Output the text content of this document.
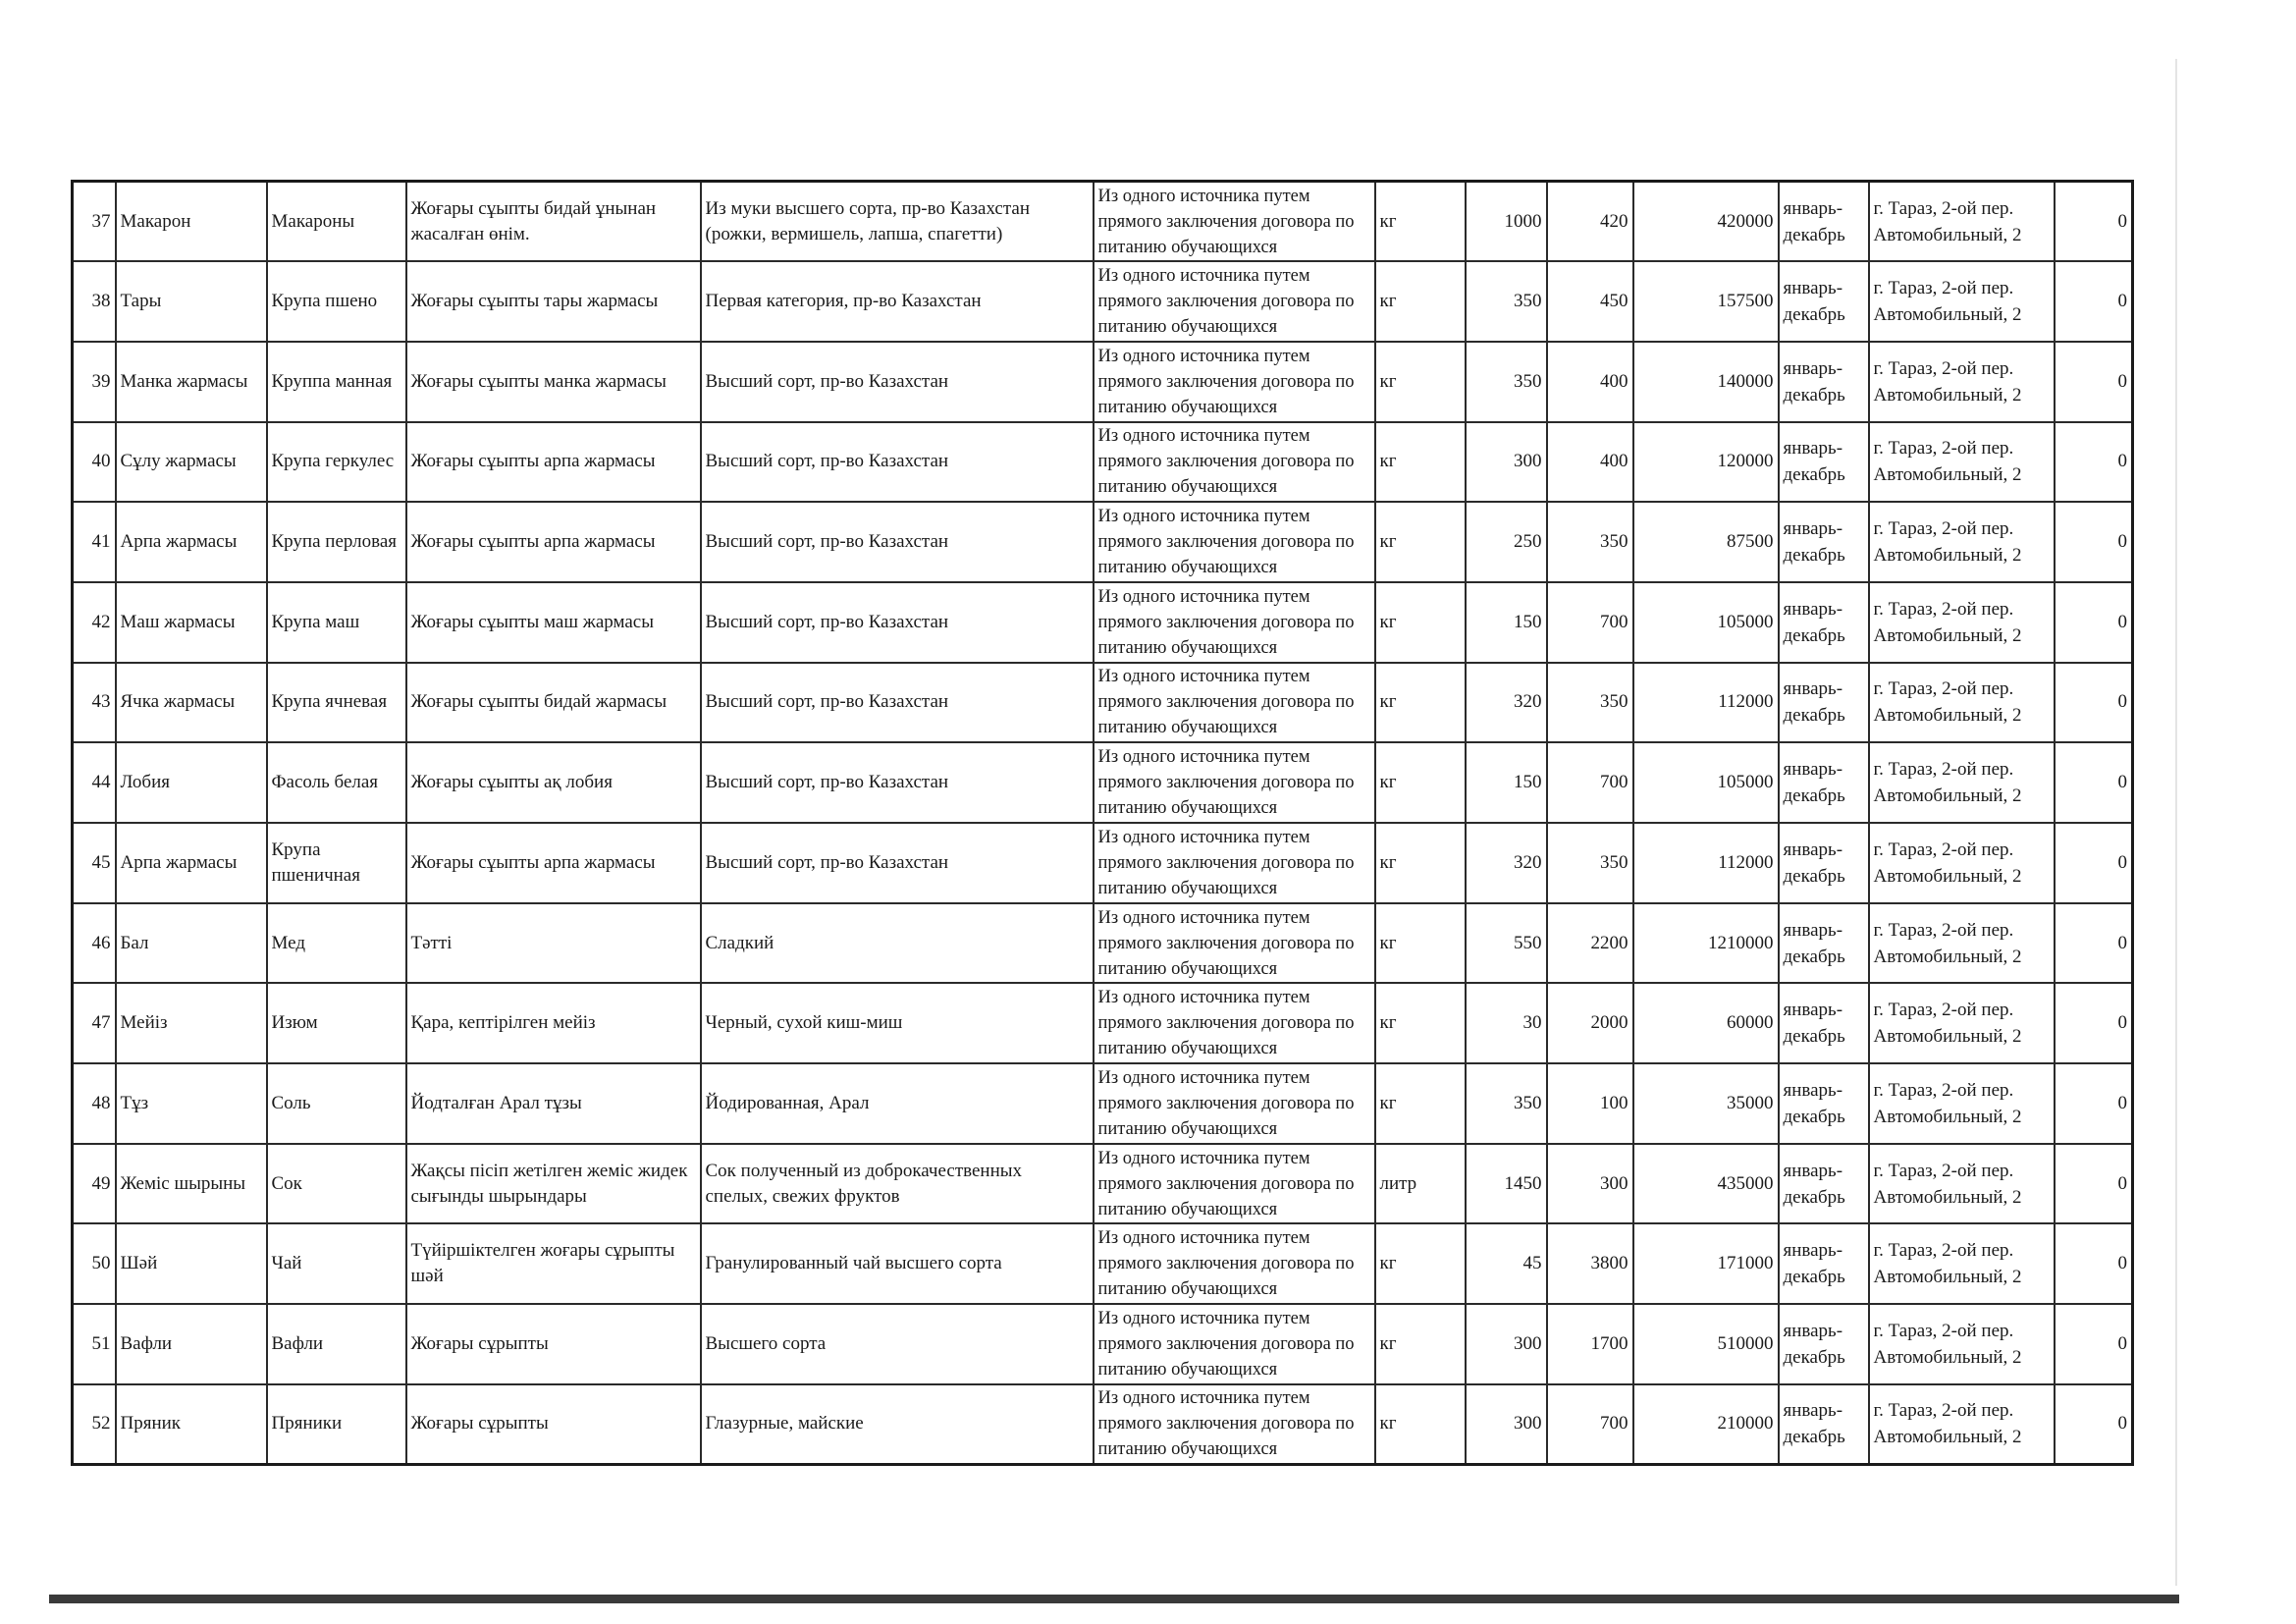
37	Макарон	Макароны	Жоғары сұыпты бидай ұнынан жасалған өнім.	Из муки высшего сорта, пр-во Казахстан (рожки, вермишель, лапша, спагетти)	Из одного источника путем прямого заключения договора по питанию обучающихся	кг	1000	420	420000	январь-декабрь	г. Тараз, 2-ой пер. Автомобильный, 2	0
38	Тары	Крупа пшено	Жоғары сұыпты тары жармасы	Первая категория, пр-во Казахстан	Из одного источника путем прямого заключения договора по питанию обучающихся	кг	350	450	157500	январь-декабрь	г. Тараз, 2-ой пер. Автомобильный, 2	0
39	Манка жармасы	Круппа манная	Жоғары сұыпты манка жармасы	Высший сорт, пр-во Казахстан	Из одного источника путем прямого заключения договора по питанию обучающихся	кг	350	400	140000	январь-декабрь	г. Тараз, 2-ой пер. Автомобильный, 2	0
40	Сұлу жармасы	Крупа геркулес	Жоғары сұыпты арпа жармасы	Высший сорт, пр-во Казахстан	Из одного источника путем прямого заключения договора по питанию обучающихся	кг	300	400	120000	январь-декабрь	г. Тараз, 2-ой пер. Автомобильный, 2	0
41	Арпа жармасы	Крупа перловая	Жоғары сұыпты арпа жармасы	Высший сорт, пр-во Казахстан	Из одного источника путем прямого заключения договора по питанию обучающихся	кг	250	350	87500	январь-декабрь	г. Тараз, 2-ой пер. Автомобильный, 2	0
42	Маш жармасы	Крупа маш	Жоғары сұыпты маш жармасы	Высший сорт, пр-во Казахстан	Из одного источника путем прямого заключения договора по питанию обучающихся	кг	150	700	105000	январь-декабрь	г. Тараз, 2-ой пер. Автомобильный, 2	0
43	Ячка жармасы	Крупа ячневая	Жоғары сұыпты бидай жармасы	Высший сорт, пр-во Казахстан	Из одного источника путем прямого заключения договора по питанию обучающихся	кг	320	350	112000	январь-декабрь	г. Тараз, 2-ой пер. Автомобильный, 2	0
44	Лобия	Фасоль белая	Жоғары сұыпты ақ лобия	Высший сорт, пр-во Казахстан	Из одного источника путем прямого заключения договора по питанию обучающихся	кг	150	700	105000	январь-декабрь	г. Тараз, 2-ой пер. Автомобильный, 2	0
45	Арпа жармасы	Крупа пшеничная	Жоғары сұыпты арпа жармасы	Высший сорт, пр-во Казахстан	Из одного источника путем прямого заключения договора по питанию обучающихся	кг	320	350	112000	январь-декабрь	г. Тараз, 2-ой пер. Автомобильный, 2	0
46	Бал	Мед	Тәтті	Сладкий	Из одного источника путем прямого заключения договора по питанию обучающихся	кг	550	2200	1210000	январь-декабрь	г. Тараз, 2-ой пер. Автомобильный, 2	0
47	Мейіз	Изюм	Қара, кептірілген мейіз	Черный, сухой киш-миш	Из одного источника путем прямого заключения договора по питанию обучающихся	кг	30	2000	60000	январь-декабрь	г. Тараз, 2-ой пер. Автомобильный, 2	0
48	Тұз	Соль	Йодталған Арал тұзы	Йодированная, Арал	Из одного источника путем прямого заключения договора по питанию обучающихся	кг	350	100	35000	январь-декабрь	г. Тараз, 2-ой пер. Автомобильный, 2	0
49	Жеміс шырыны	Сок	Жақсы пісіп жетілген жеміс жидек сығынды шырындары	Сок полученный из доброкачественных спелых, свежих фруктов	Из одного источника путем прямого заключения договора по питанию обучающихся	литр	1450	300	435000	январь-декабрь	г. Тараз, 2-ой пер. Автомобильный, 2	0
50	Шәй	Чай	Түйіршіктелген жоғары сұрыпты шәй	Гранулированный чай высшего сорта	Из одного источника путем прямого заключения договора по питанию обучающихся	кг	45	3800	171000	январь-декабрь	г. Тараз, 2-ой пер. Автомобильный, 2	0
51	Вафли	Вафли	Жоғары сұрыпты	Высшего сорта	Из одного источника путем прямого заключения договора по питанию обучающихся	кг	300	1700	510000	январь-декабрь	г. Тараз, 2-ой пер. Автомобильный, 2	0
52	Пряник	Пряники	Жоғары сұрыпты	Глазурные, майские	Из одного источника путем прямого заключения договора по питанию обучающихся	кг	300	700	210000	январь-декабрь	г. Тараз, 2-ой пер. Автомобильный, 2	0
